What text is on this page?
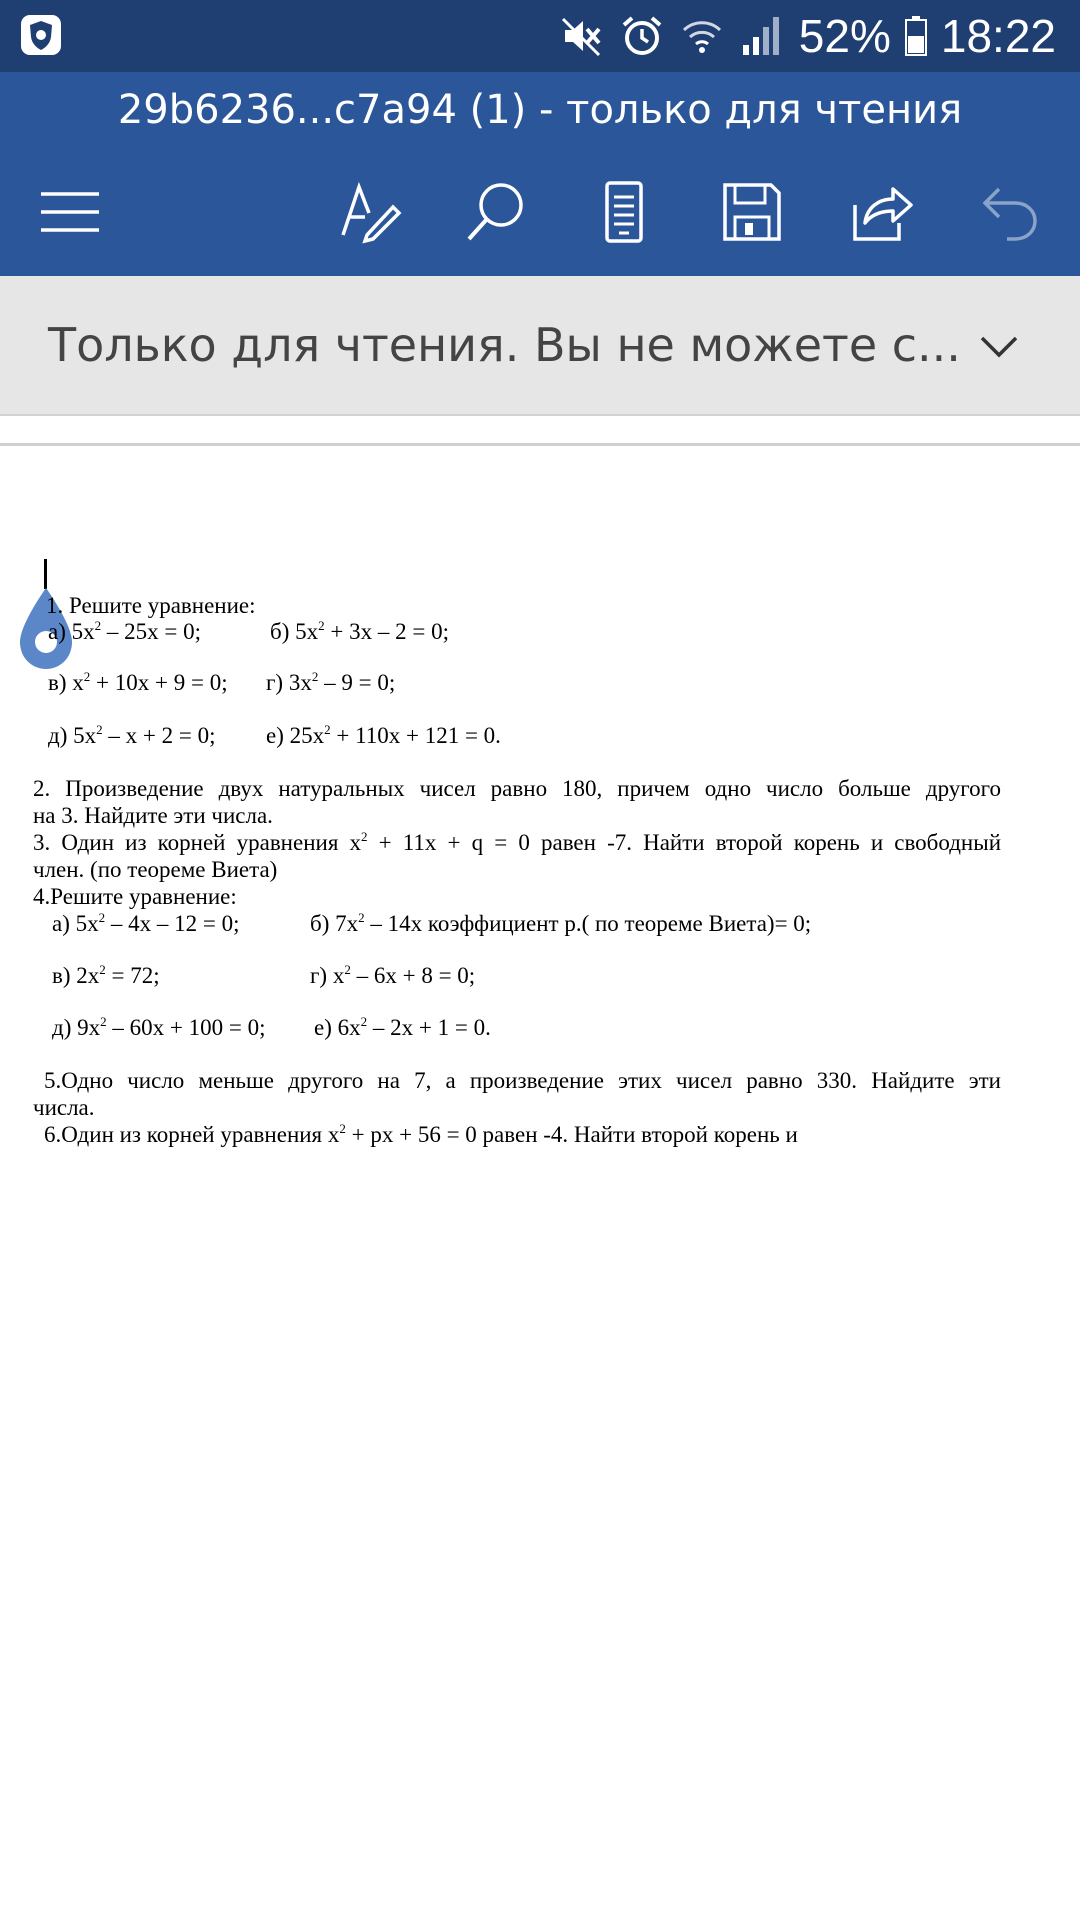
52% 18:22
29b6236...c7a94 (1) - только для чтения
Только для чтения. Вы не можете с...
1. Решите уравнение:
а) $5x^2 - 25x = 0$;	б) $5x^2 + 3x - 2 = 0$;
в) $x^2 + 10x + 9 = 0$; г) $3x^2 - 9 = 0$;
д) $5x^2 - x + 2 = 0$; е) $25x^2 + 110x + 121 = 0$.
2. Произведение двух натуральных чисел равно 180, причем одно число больше другого
на 3. Найдите эти числа.
3. Один из корней уравнения $x^2 + 11x + q = 0$ равен -7. Найти второй корень и свободный
член. (по теореме Виета)
4.Решите уравнение:
а) $5x^2 - 4x - 12 = 0$;	б) $7x^2 - 14x$ коэффициент p.( по теореме Виета)= 0;
в) $2x^2 = 72$;	г) $x^2 - 6x + 8 = 0$;
д) $9x^2 - 60x + 100 = 0$; е) $6x^2 - 2x + 1 = 0$.
5.Одно число меньше другого на 7, а произведение этих чисел равно 330. Найдите эти
числа.
6.Один из корней уравнения $x^2$ + px + 56 = 0 равен -4. Найти второй корень и
